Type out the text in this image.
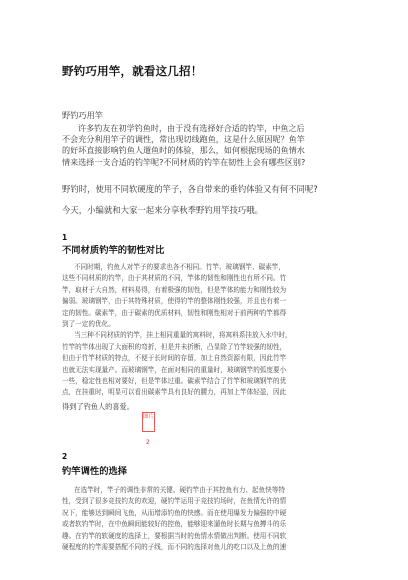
野钓巧用竿，就看这几招！
野钓巧用竿
许多钓友在初学钓鱼时，由于没有选择好合适的钓竿，中鱼之后
不会充分利用竿子的调性，常出现切线跑鱼，这是什么原因呢？鱼竿
的好坏直接影响钓鱼人遛鱼时的体验，那么，如何根据现场的鱼情水
情来选择一支合适的钓竿呢?不同材质的钓竿在韧性上会有哪些区别?
野钓时，使用不同软硬度的竿子，各自带来的垂钓体验又有何不同呢?
今天，小编就和大家一起来分享秋季野钓用竿技巧哦。
1
不同材质钓竿的韧性对比
不同时期，钓鱼人对竿子的要求也各不相同。竹竿、玻璃钢竿、碳素竿，
这些不同材质的钓竿，由于其材质的不同，竿体的韧性和刚性也有所不同。竹
竿，取材于大自然，材料易得，有着极强的韧性，但是竿体的能力和刚性较为
偏弱。玻璃钢竿，由于其特殊材质，使得钓竿的整体刚性较强，并且也有着一
定的韧性。碳素竿，由于碳素的优质材料，韧性和刚性相对于前两种钓竿都得
到了一定的优化。
当三种不同材质的钓竿，挂上相同重量的寓料时，将寓料系挂放入水中时，
竹竿的竿体出现了大面积的弯折，但是并未折断，凸显除了竹竿较强的韧性，
但由于竹竿材质的特点，不便于长时间的存留，加上自然资源有限，因此竹竿
也就无法实现量产。而玻璃钢竿，在面对相同的重量时，玻璃钢竿的弧度要小
一些，稳定性也相对要好，但是竿体过重。碳素竿结合了竹竿和玻璃钢竿的优
点，在挂重时，明显可以看出碳素竿具有良好的腰力，再加上竿体轻盈，因此
得到了钓鱼人的喜爱。
图片
2
2
钓竿调性的选择
在选竿时，竿子的调性非常的关键。硬钓竿由于其控鱼有力、起鱼快等特
性，受到了很多竞技钓友的欢迎，硬钓竿运用于竞技钓场时，在鱼情允许的情
况下，能够达到瞬间飞鱼，从而增添钓鱼的快感。而在使用爆发力偏强的中硬
或者软钓竿时，在中鱼瞬间能较好的控鱼，能够迎来遛鱼时长期与鱼搏斗的乐
趣。在钓竿的软硬度的选择上，要根据当时的鱼情水情做出判断。使用不同软
硬程度的钓竿需要搭配不同的子线，而不同的选择对鱼儿的吃口以及上鱼的速
